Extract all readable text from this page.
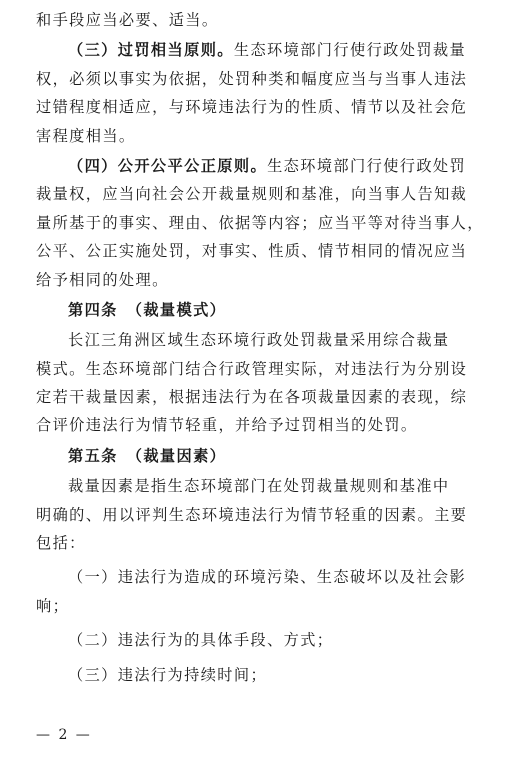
和手段应当必要、适当。
（三）过罚相当原则。生态环境部门行使行政处罚裁量
权，必须以事实为依据，处罚种类和幅度应当与当事人违法
过错程度相适应，与环境违法行为的性质、情节以及社会危
害程度相当。
（四）公开公平公正原则。生态环境部门行使行政处罚
裁量权，应当向社会公开裁量规则和基准，向当事人告知裁
量所基于的事实、理由、依据等内容；应当平等对待当事人，
公平、公正实施处罚，对事实、性质、情节相同的情况应当
给予相同的处理。
第四条　（裁量模式）
长江三角洲区域生态环境行政处罚裁量采用综合裁量
模式。生态环境部门结合行政管理实际，对违法行为分别设
定若干裁量因素，根据违法行为在各项裁量因素的表现，综
合评价违法行为情节轻重，并给予过罚相当的处罚。
第五条　（裁量因素）
裁量因素是指生态环境部门在处罚裁量规则和基准中
明确的、用以评判生态环境违法行为情节轻重的因素。主要
包括：
（一）违法行为造成的环境污染、生态破坏以及社会影
响；
（二）违法行为的具体手段、方式；
（三）违法行为持续时间；
— 2 —
